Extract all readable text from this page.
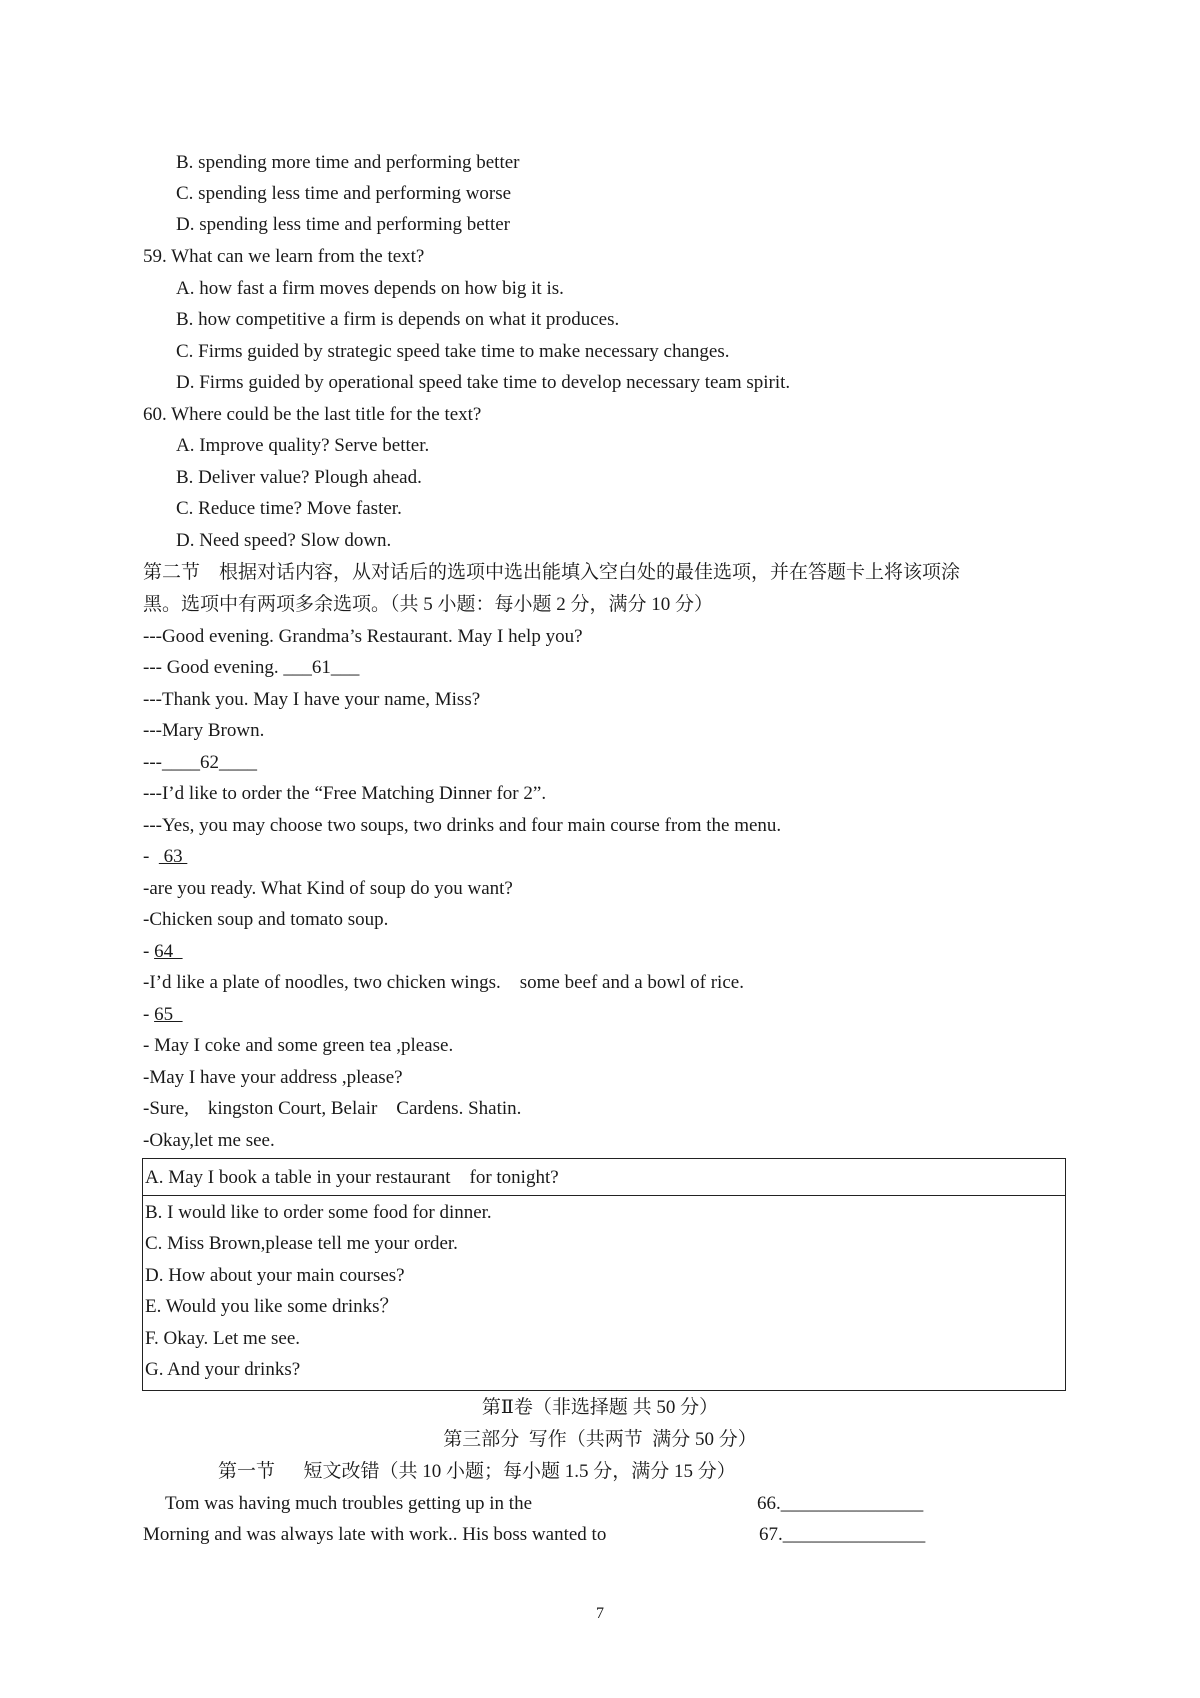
B. spending more time and performing better
C. spending less time and performing worse
D. spending less time and performing better
59. What can we learn from the text?
A. how fast a firm moves depends on how big it is.
B. how competitive a firm is depends on what it produces.
C. Firms guided by strategic speed take time to make necessary changes.
D. Firms guided by operational speed take time to develop necessary team spirit.
60. Where could be the last title for the text?
A. Improve quality? Serve better.
B. Deliver value? Plough ahead.
C. Reduce time? Move faster.
D. Need speed? Slow down.
第二节　根据对话内容，从对话后的选项中选出能填入空白处的最佳选项，并在答题卡上将该项涂
黑。选项中有两项多余选项。（共 5 小题：每小题 2 分，满分 10 分）
---Good evening. Grandma’s Restaurant. May I help you?
--- Good evening. ___61___
---Thank you. May I have your name, Miss?
---Mary Brown.
---____62____
---I’d like to order the “Free Matching Dinner for 2”.
---Yes, you may choose two soups, two drinks and four main course from the menu.
-   63
-are you ready. What Kind of soup do you want?
-Chicken soup and tomato soup.
- 64
-I’d like a plate of noodles, two chicken wings.    some beef and a bowl of rice.
- 65
- May I coke and some green tea ,please.
-May I have your address ,please?
-Sure,    kingston Court, Belair    Cardens. Shatin.
-Okay,let me see.
A. May I book a table in your restaurant    for tonight?
B. I would like to order some food for dinner.
C. Miss Brown,please tell me your order.
D. How about your main courses?
E. Would you like some drinks？
F. Okay. Let me see.
G. And your drinks?
第Ⅱ卷（非选择题 共 50 分）
第三部分  写作（共两节  满分 50 分）
第一节　  短文改错（共 10 小题；每小题 1.5 分，满分 15 分）
Tom was having much troubles getting up in the	66._______________
Morning and was always late with work.. His boss wanted to	67._______________
7
